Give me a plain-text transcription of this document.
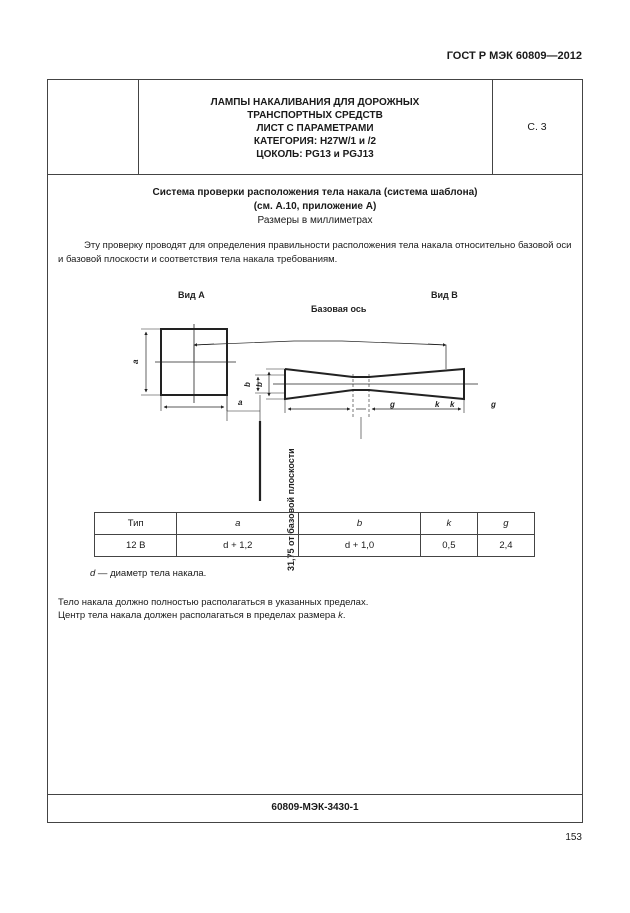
ГОСТ Р МЭК 60809—2012
ЛАМПЫ НАКАЛИВАНИЯ ДЛЯ ДОРОЖНЫХ
ТРАНСПОРТНЫХ СРЕДСТВ
ЛИСТ С ПАРАМЕТРАМИ
КАТЕГОРИЯ: H27W/1 и /2
ЦОКОЛЬ: PG13 и PGJ13
С. 3
Система проверки расположения тела накала (система шаблона)
(см. А.10, приложение А)
Размеры в миллиметрах
Эту проверку проводят для определения правильности расположения тела накала относительно базовой оси и базовой плоскости и соответствия тела накала требованиям.
Вид А	Вид В
Базовая ось
a
a
b
b
g	g
k k
31,75 от базовой плоскости
Тип	a	b	k	g
12 В	d + 1,2	d + 1,0	0,5	2,4
d — диаметр тела накала.
Тело накала должно полностью располагаться в указанных пределах.
Центр тела накала должен располагаться в пределах размера k.
60809-МЭК-3430-1
153
